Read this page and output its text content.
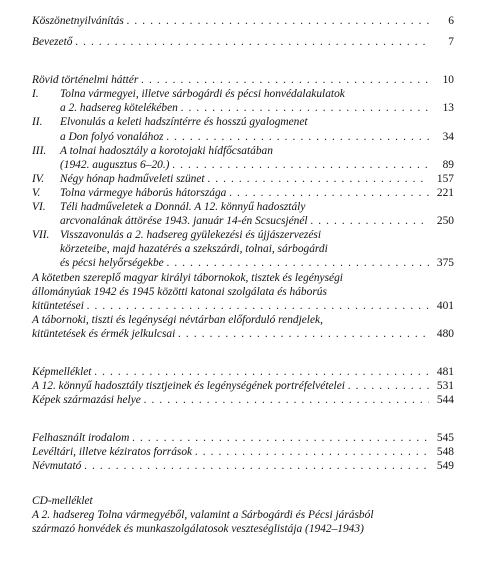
Köszönetnyilvánítás . . .	6
Bevezető . . .	7
Rövid történelmi háttér . . .	10
I. Tolna vármegyei, illetve sárbogárdi és pécsi honvédalakulatok
a 2. hadsereg kötelékében . . .	13
II. Elvonulás a keleti hadszíntérre és hosszú gyalogmenet
a Don folyó vonalához . . .	34
III. A tolnai hadosztály a korotojaki hídfőcsatában
(1942. augusztus 6–20.) . . .	89
IV. Négy hónap hadműveleti szünet . . .	157
V. Tolna vármegye háborús hátországa . . .	221
VI. Téli hadműveletek a Donnál. A 12. könnyű hadosztály
arcvonalának áttörése 1943. január 14-én Scsucsjénél . . .	250
VII. Visszavonulás a 2. hadsereg gyülekezési és újjászervezési
körzeteibe, majd hazatérés a szekszárdi, tolnai, sárbogárdi
és pécsi helyőrségekbe . . .	375
A kötetben szereplő magyar királyi tábornokok, tisztek és legénységi
állományúak 1942 és 1945 közötti katonai szolgálata és háborús
kitüntetései . . .	401
A tábornoki, tiszti és legénységi névtárban előforduló rendjelek,
kitüntetések és érmék jelkulcsai . . .	480
Képmelléklet . . .	481
A 12. könnyű hadosztály tisztjeinek és legénységének portréfelvételei . . .	531
Képek származási helye . . .	544
Felhasznált irodalom . . .	545
Levéltári, illetve kéziratos források . . .	548
Névmutató . . .	549
CD-melléklet
A 2. hadsereg Tolna vármegyéből, valamint a Sárbogárdi és Pécsi járásból
származó honvédek és munkaszolgálatosok veszteséglistája (1942–1943)
